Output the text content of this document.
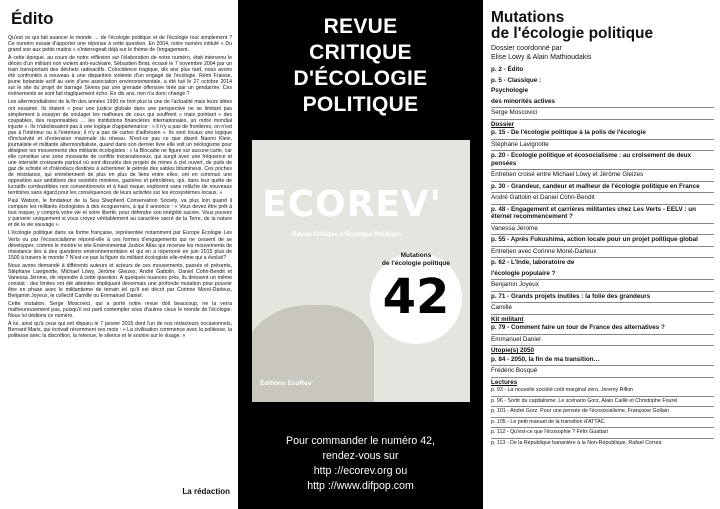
Édito

Qu'est ce qui fait avancer le monde … de l'écologie politique et de l'écologie tout simplement ? Ce numéro essaie d'apporter une réponse à cette question. En 2004, notre numéro intitulé « Du grand soir aux petits matins » s'interrogeait déjà sur le thème de l'engagement.

À cette époque, au cours de notre réflexion sur l'élaboration de notre numéro, était intervenu le décès d'un militant non violent anti-nucléaire, Sébastien Briat, écrasé le 7 novembre 2004 par un train transportant des déchets radioactifs. Coïncidence tragique, dix ans plus tard, nous avons été confrontés à nouveau à une disparition violente d'un engagé de l'écologie. Rémi Fraisse, jeune botaniste actif au sein d'une association environnementale, a été tué le 27 octobre 2014 sur le site du projet de barrage Sivens par une grenade offensive tirée par un gendarme. Ces événements se sont fait tragiquement écho. En dix ans, rien n'a donc changé ?

Les altermondialistes de la fin des années 1990 ne font plus la une de l'actualité mais leurs idées ont essaimé. Ils étaient « pour une justice globale dans une perspective ne se limitant pas simplement à essayer de soulager les malheurs de ceux qui souffrent » mais pointant « des coupables, des responsables … les institutions financières internationales, un ordre mondial injuste ». Ils n'abolissaient pas à une logique d'appartenance : « il n'y a pas de frontières, on n'est pas à l'intérieur ou à l'extérieur, il n'y a pas de cartes d'adhésion ». Ils sont locaux une logique d'inclusivité et d'extension maximale du réseau. N'est-ce pas ce que disent Naomi Klein, journaliste et militante altermondialiste, quand dans son dernier livre elle voit un néologisme pour désigner les mouvements des militants écologistes : « la Blocadie ne figure sur aucune carte, car elle constitue une zone mouvante de conflits transnationaux, qui surgit avec une fréquence et une intensité croissante partout où sont discutés des projets de mines à ciel ouvert, de puits de gaz de schiste et d'oléoducs destinés à acheminer le pétrole des sables bitumineux. Ces poches de résistance, qui entretiennent de plus en plus de liens entre elles, ont en commun une opposition aux ambitions des sociétés minières, gazières et pétrolières, qui, dans leur quête de lucratifs combustibles non conventionnels et à haut risque, explorent sans relâche de nouveaux territoires sans égard pour les conséquences de leurs activités sur les écosystèmes locaux. »

Paul Watson, le fondateur de la Sea Shepherd Conservation Society, va plus loin quand il compare les militants écologistes à des écoguerriers, à qui il annonce : « Vous devez être prêt à tout risquer, y compris votre vie et votre liberté, pour défendre son intégrité sacrée. Vous pouvez y parvenir uniquement si vous croyez véritablement au caractère sacré de la Terre, de la nature et de la vie sauvage ».

L'écologie politique dans sa forme française, représentée notamment par Europe Écologie Les Verts ou par l'écosocialisme répond-elle à ces formes d'engagements qui ne cessent de se développer, comme le montre le site Environmental Justice Atlas qui recense les mouvements de résistance liés à des questions environnementales et qui en a répertorié en juin 2015 plus de 1500 à travers le monde ? N'est-ce pas la figure du militant écologiste elle-même qui a évolué?

Nous avons demandé à différents auteurs et acteurs de ces mouvements, passés et présents, Stéphane Lavignotte, Michael Löwy, Jérôme Gleizes, André Gattolin, Daniel Cohn-Bendit et Vanessa Jérome, de répondre à cette question. A quelques nuances près, ils dressent un même constat : des limites ont été atteintes impliquant désormais une profonde mutation pour pouvoir être en phase avec le militantisme de terrain tel qu'il est décrit par Corinne Morel-Darleux, Benjamin Joyeux, le collectif Camille ou Emmanuel Daniel.

Cette mutation, Serge Moscovici, qui a porté notre revue doit beaucoup, ne la verra malheureusement pas, puisqu'il est parti contempler sous d'autres cieux le monde de l'écologie. Nous lui dédions ce numéro.

À lui, ainsi qu'à ceux qui ont disparu le 7 janvier 2015 dont l'un de nos rédacteurs occasionnels, Bernard Maris, qui écrivait récemment ces mots : « La civilisation commence avec la politesse, la politesse avec la discrétion, la retenue, le silence et le sourire sur le visage. »

La rédaction
REVUE
CRITIQUE
D'ÉCOLOGIE
POLITIQUE
ECOREV'
Revue Critique d'Écologie Politique
Mutations
de l'écologie politique
42
Éditions EcoRev'
Pour commander le numéro 42,
rendez-vous sur
http ://ecorev.org ou
http ://www.difpop.com
Mutations
de l'écologie politique
Dossier coordonné par
Elise Lowy & Alain Mathioudakis
p. 2 - Édito
p. 5 - Classique :
Psychologie
des minorités actives
Serge Moscovici
Dossier
p. 15 - De l'écologie politique à la polis de l'écologie
Stéphane Lavignotte
p. 20 - Ecologie politique et écosocialisme : au croisement de deux pensées
Entretien croisé entre Michael Löwy et Jérôme Gleizes
p. 30 - Grandeur, candeur et malheur de l'écologie politique en France
André Gattolin et Daniel Cohn-Bendit
p. 48 - Engagement et carrières militantes chez Les Verts - EELV : un éternel recommencement ?
Vanessa Jérome
p. 55 - Après Fukushima, action locale pour un projet politique global
Entretien avec Corinne Morel-Darleux
p. 62 - L'Inde, laboratoire de
l'écologie populaire ?
Benjamin Joyeux
p. 71 - Grands projets inutiles : la folie des grandeurs
Camille
Kit militant
p. 79 - Comment faire un tour de France des alternatives ?
Emmanuel Daniel
Utopie(s) 2050
p. 84 - 2050, la fin de ma transition…
Frédéric Bosqué
Lectures
p. 93 - La nouvelle société coût marginal zéro, Jeremy Rifkin
p. 96 - Sortir du capitalisme. Le scénario Gorz, Alain Caillé et Christophe Fourel
p. 101 - André Gorz. Pour une pensée de l'écosocialisme, Françoise Gollain
p. 105 - Le petit manuel de la transition d'ATTAC
p. 112 - Qu'est-ce que l'écosophie ? Félix Guattari
p. 113 - De la République bananière à la Non-République, Rafael Correa
